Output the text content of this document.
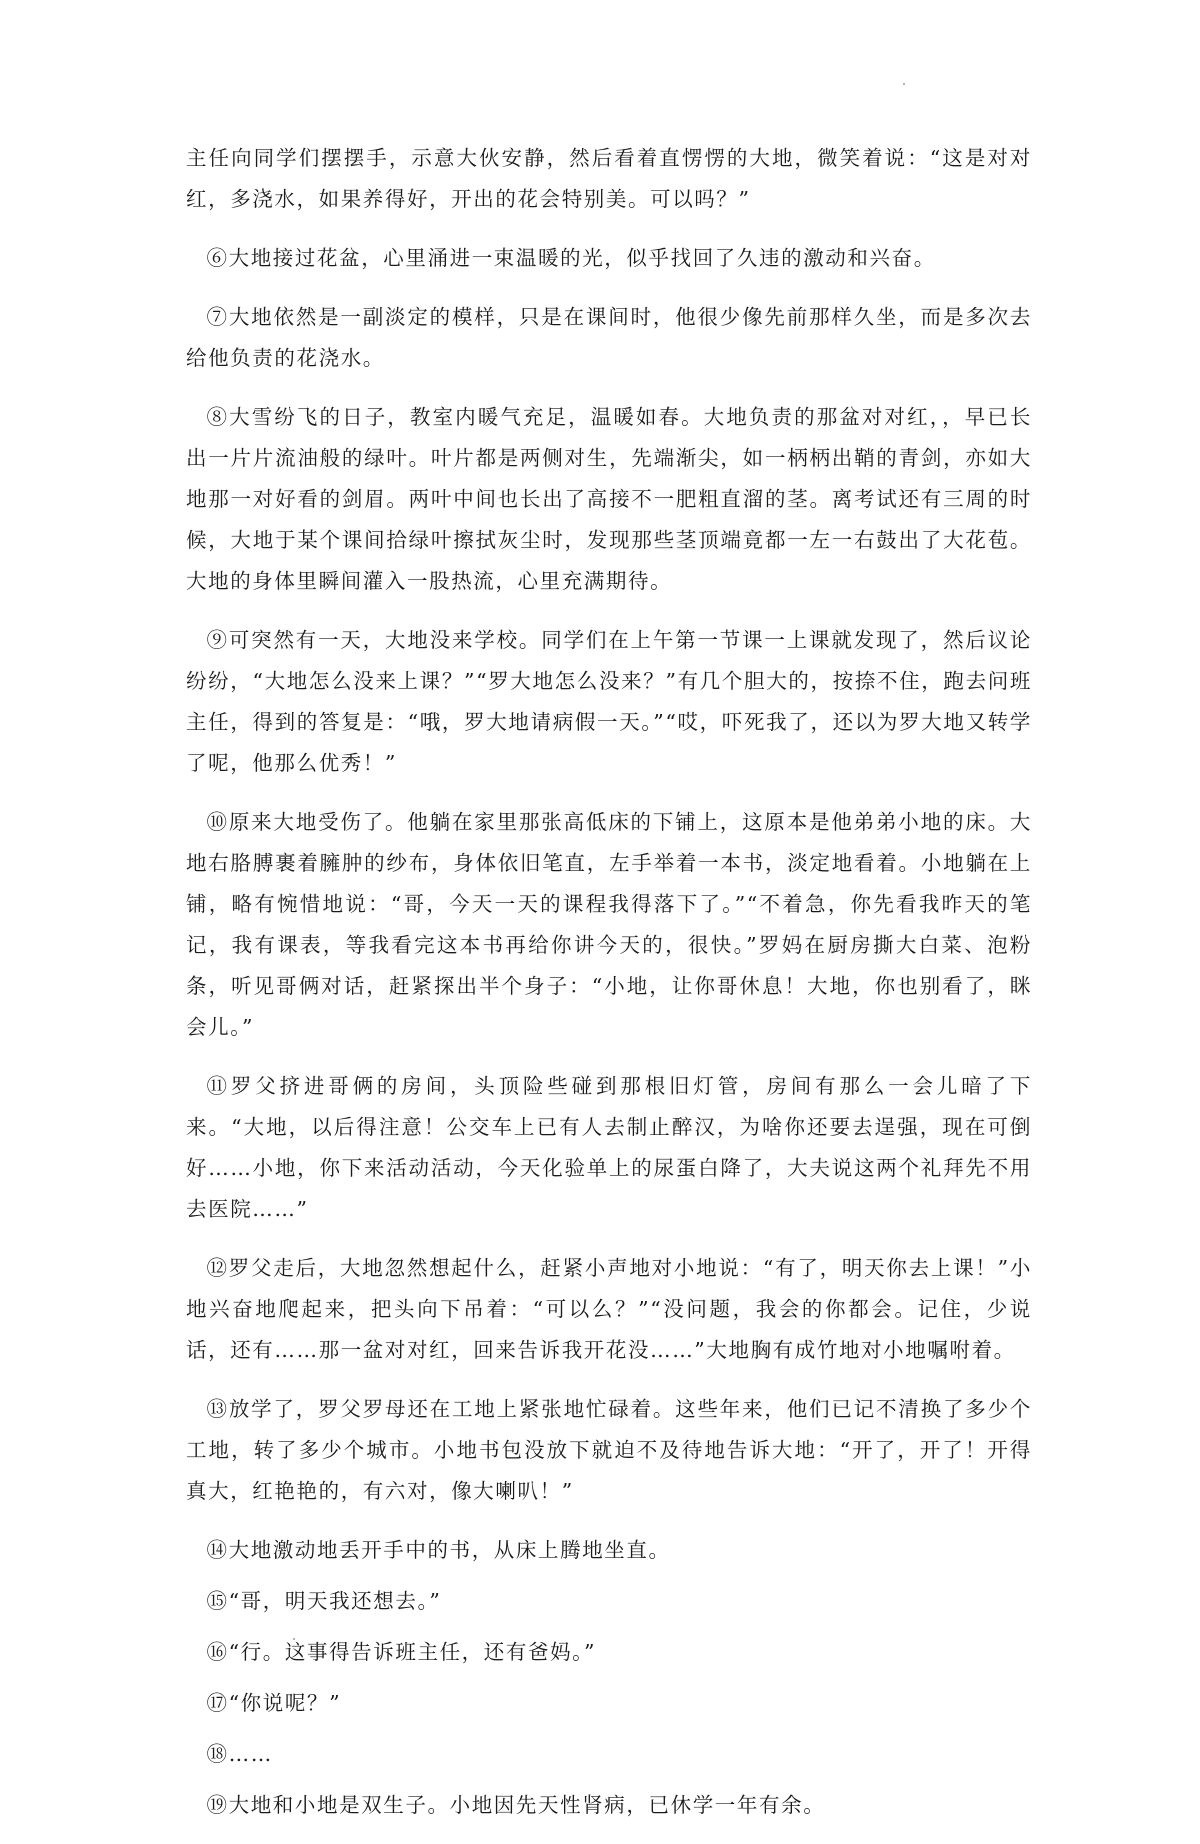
主任向同学们摆摆手，示意大伙安静，然后看着直愣愣的大地，微笑着说：“这是对对红，多浇水，如果养得好，开出的花会特别美。可以吗？”

⑥大地接过花盆，心里涌进一束温暖的光，似乎找回了久违的激动和兴奋。

⑦大地依然是一副淡定的模样，只是在课间时，他很少像先前那样久坐，而是多次去给他负责的花浇水。

⑧大雪纷飞的日子，教室内暖气充足，温暖如春。大地负责的那盆对对红，，早已长出一片片流油般的绿叶。叶片都是两侧对生，先端渐尖，如一柄柄出鞘的青剑，亦如大地那一对好看的剑眉。两叶中间也长出了高接不一肥粗直溜的茎。离考试还有三周的时候，大地于某个课间拾绿叶擦拭灰尘时，发现那些茎顶端竟都一左一右鼓出了大花苞。大地的身体里瞬间灌入一股热流，心里充满期待。

⑨可突然有一天，大地没来学校。同学们在上午第一节课一上课就发现了，然后议论纷纷，“大地怎么没来上课？”“罗大地怎么没来？”有几个胆大的，按捺不住，跑去问班主任，得到的答复是：“哦，罗大地请病假一天。”“哎，吓死我了，还以为罗大地又转学了呢，他那么优秀！”

⑩原来大地受伤了。他躺在家里那张高低床的下铺上，这原本是他弟弟小地的床。大地右胳膊裹着臃肿的纱布，身体依旧笔直，左手举着一本书，淡定地看着。小地躺在上铺，略有惋惜地说：“哥，今天一天的课程我得落下了。”“不着急，你先看我昨天的笔记，我有课表，等我看完这本书再给你讲今天的，很快。”罗妈在厨房撕大白菜、泡粉条，听见哥俩对话，赶紧探出半个身子：“小地，让你哥休息！大地，你也别看了，眯会儿。”

⑪罗父挤进哥俩的房间，头顶险些碰到那根旧灯管，房间有那么一会儿暗了下来。“大地，以后得注意！公交车上已有人去制止醉汉，为啥你还要去逞强，现在可倒好……小地，你下来活动活动，今天化验单上的尿蛋白降了，大夫说这两个礼拜先不用去医院……”

⑫罗父走后，大地忽然想起什么，赶紧小声地对小地说：“有了，明天你去上课！”小地兴奋地爬起来，把头向下吊着：“可以么？”“没问题，我会的你都会。记住，少说话，还有……那一盆对对红，回来告诉我开花没……”大地胸有成竹地对小地嘱咐着。

⑬放学了，罗父罗母还在工地上紧张地忙碌着。这些年来，他们已记不清换了多少个工地，转了多少个城市。小地书包没放下就迫不及待地告诉大地：“开了，开了！开得真大，红艳艳的，有六对，像大喇叭！”

⑭大地激动地丢开手中的书，从床上腾地坐直。

⑮“哥，明天我还想去。”

⑯“行。这事得告诉班主任，还有爸妈。”

⑰“你说呢？”

⑱……

⑲大地和小地是双生子。小地因先天性肾病，已休学一年有余。
